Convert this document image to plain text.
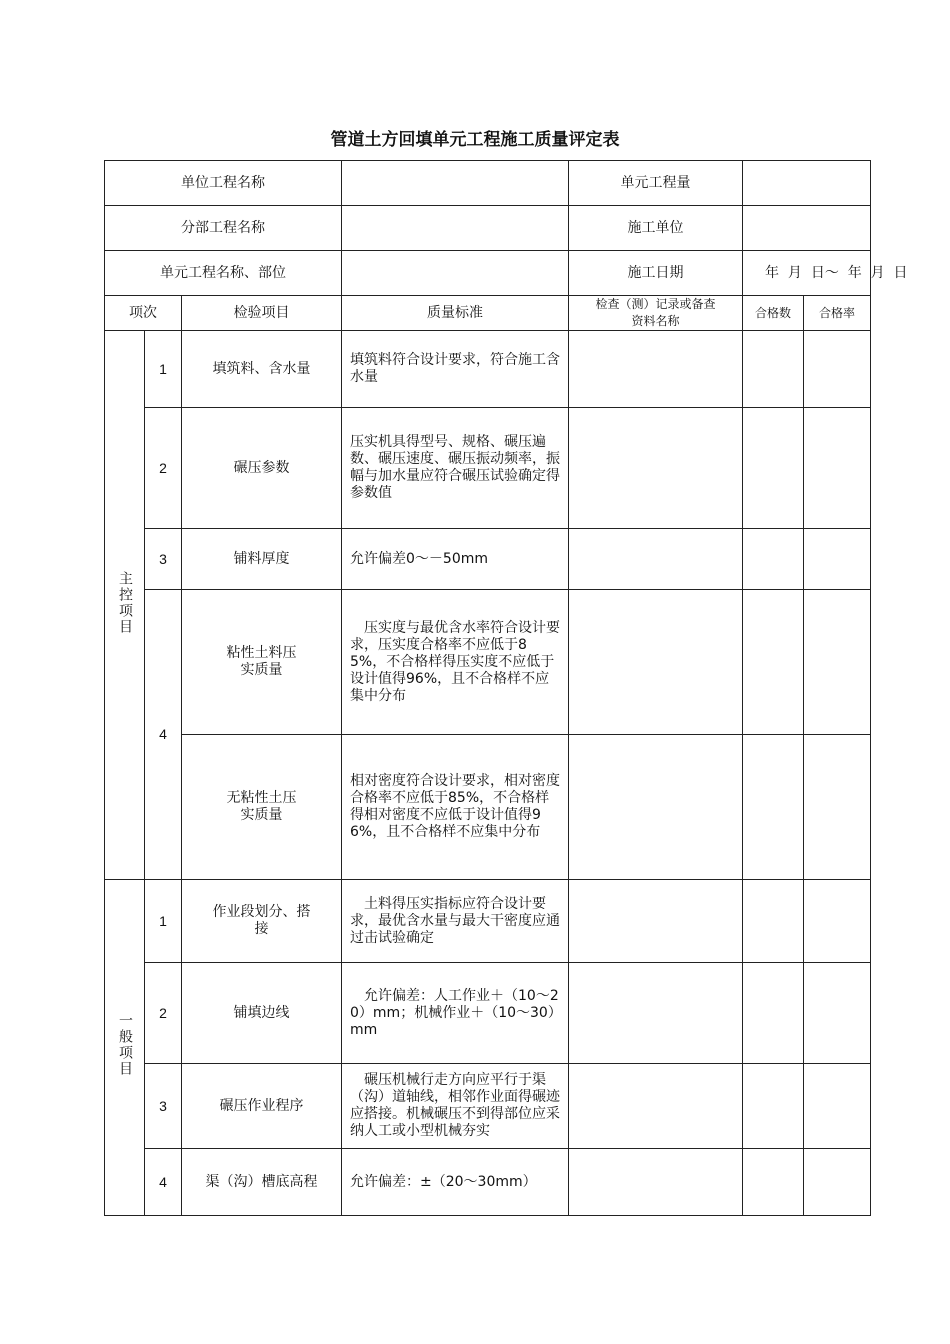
管道土方回填单元工程施工质量评定表
单位工程名称				单元工程量		
分部工程名称				施工单位		
单元工程名称、部位				施工日期	年  月  日～  年  月  日	
项次		检验项目	质量标准	检查（测）记录或备查资料名称	合格数	合格率
主控项目	1	填筑料、含水量	填筑料符合设计要求，符合施工含水量			
	2	碾压参数	压实机具得型号、规格、碾压遍数、碾压速度、碾压振动频率，振幅与加水量应符合碾压试验确定得参数值			
	3	铺料厚度	允许偏差0～－50mm			
	4	粘性土料压实质量	　压实度与最优含水率符合设计要求，压实度合格率不应低于85%，不合格样得压实度不应低于设计值得96%，且不合格样不应集中分布			
		无粘性土压实质量	相对密度符合设计要求，相对密度合格率不应低于85%，不合格样得相对密度不应低于设计值得96%，且不合格样不应集中分布			
一般项目	1	作业段划分、搭接	　土料得压实指标应符合设计要求，最优含水量与最大干密度应通过击试验确定			
	2	铺填边线	　允许偏差：人工作业＋（10～20）mm；机械作业＋（10～30）mm			
	3	碾压作业程序	　碾压机械行走方向应平行于渠（沟）道轴线，相邻作业面得碾迹应搭接。机械碾压不到得部位应采纳人工或小型机械夯实			
	4	渠（沟）槽底高程	允许偏差：±（20～30mm）			
